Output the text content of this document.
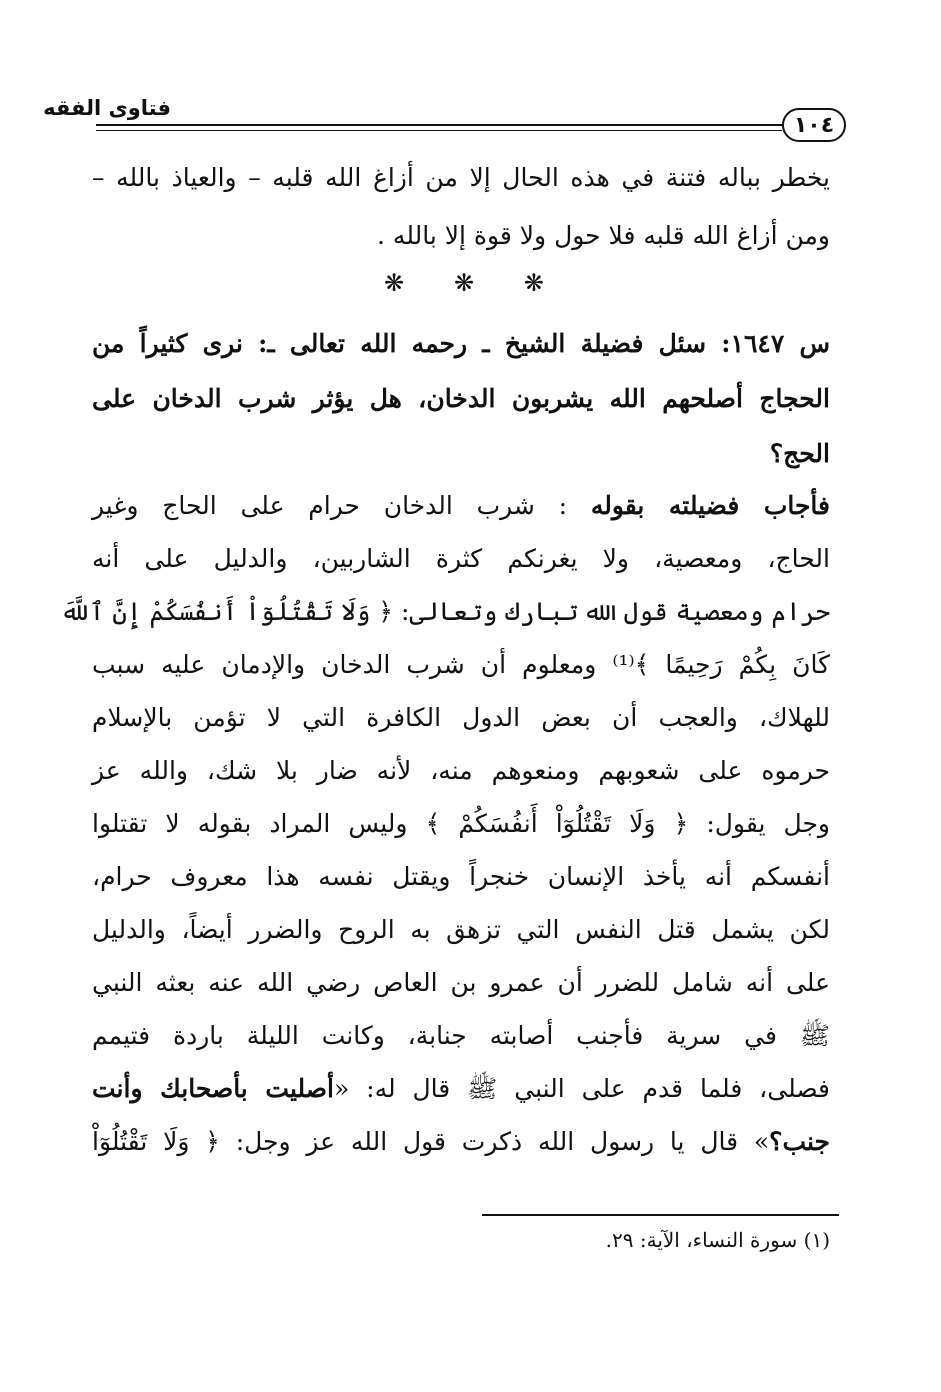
فتاوى الفقه
١٠٤
يخطر بباله فتنة في هذه الحال إلا من أزاغ الله قلبه – والعياذ بالله –
ومن أزاغ الله قلبه فلا حول ولا قوة إلا بالله .
❋ ❋ ❋
س ١٦٤٧: سئل فضيلة الشيخ ـ رحمه الله تعالى ـ: نرى كثيراً من
الحجاج أصلحهم الله يشربون الدخان، هل يؤثر شرب الدخان على
الحج؟
فأجاب فضيلته بقوله : شرب الدخان حرام على الحاج وغير
الحاج، ومعصية، ولا يغرنكم كثرة الشاربين، والدليل على أنه
حرام ومعصية قول الله تبارك وتعالى: ﴿ وَلَا تَقْتُلُوٓاْ أَنفُسَكُمْ إِنَّ ٱللَّهَ
كَانَ بِكُمْ رَحِيمًا ﴾⁽¹⁾ ومعلوم أن شرب الدخان والإدمان عليه سبب
للهلاك، والعجب أن بعض الدول الكافرة التي لا تؤمن بالإسلام
حرموه على شعوبهم ومنعوهم منه، لأنه ضار بلا شك، والله عز
وجل يقول: ﴿ وَلَا تَقْتُلُوٓاْ أَنفُسَكُمْ ﴾ وليس المراد بقوله لا تقتلوا
أنفسكم أنه يأخذ الإنسان خنجراً ويقتل نفسه هذا معروف حرام،
لكن يشمل قتل النفس التي تزهق به الروح والضرر أيضاً، والدليل
على أنه شامل للضرر أن عمرو بن العاص رضي الله عنه بعثه النبي
ﷺ في سرية فأجنب أصابته جنابة، وكانت الليلة باردة فتيمم
فصلى، فلما قدم على النبي ﷺ قال له: «أصليت بأصحابك وأنت
جنب؟» قال يا رسول الله ذكرت قول الله عز وجل: ﴿ وَلَا تَقْتُلُوٓاْ
(١) سورة النساء، الآية: ٢٩.
